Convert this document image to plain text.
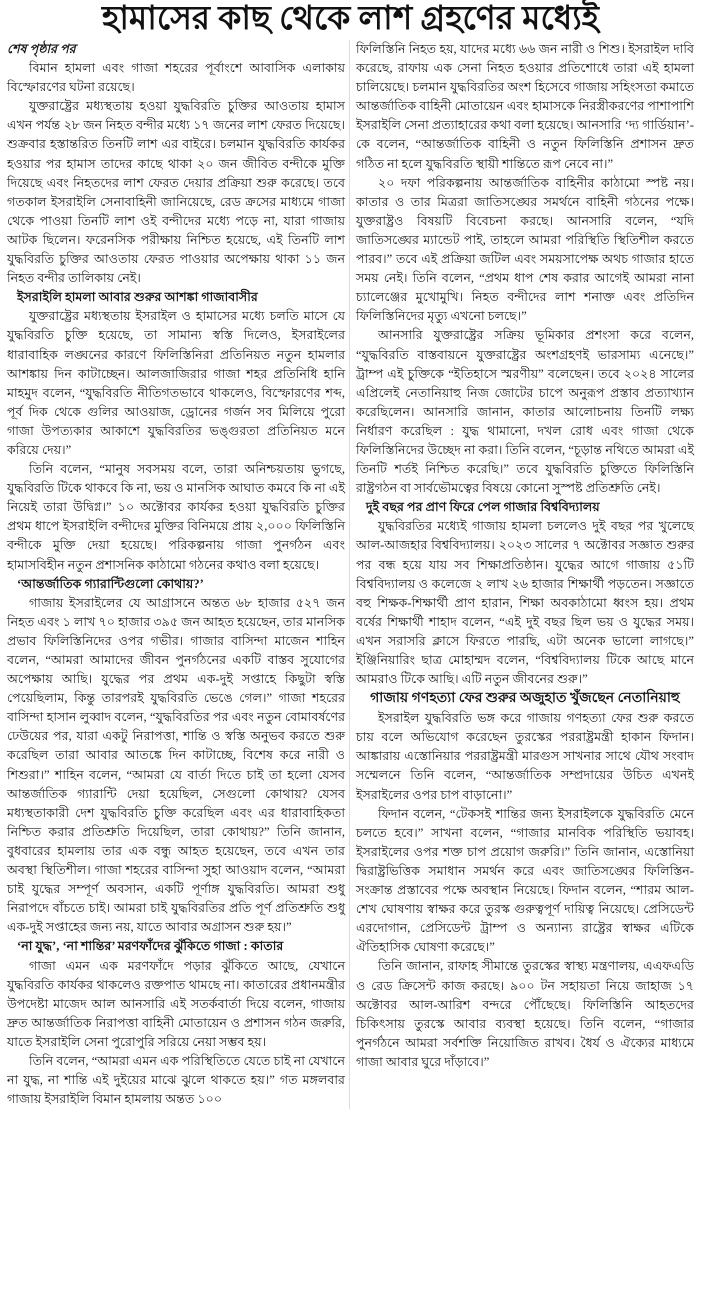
হামাসের কাছ থেকে লাশ গ্রহণের মধ্যেই

শেষ পৃষ্ঠার পর

বিমান হামলা এবং গাজা শহরের পূর্বাংশে আবাসিক এলাকায় বিস্ফোরণের ঘটনা রয়েছে।

যুক্তরাষ্ট্রের মধ্যস্থতায় হওয়া যুদ্ধবিরতি চুক্তির আওতায় হামাস এখন পর্যন্ত ২৮ জন নিহত বন্দীর মধ্যে ১৭ জনের লাশ ফেরত দিয়েছে। শুক্রবার হস্তান্তরিত তিনটি লাশ এর বাইরে। চলমান যুদ্ধবিরতি কার্যকর হওয়ার পর হামাস তাদের কাছে থাকা ২০ জন জীবিত বন্দীকে মুক্তি দিয়েছে এবং নিহতদের লাশ ফেরত দেয়ার প্রক্রিয়া শুরু করেছে। তবে গতকাল ইসরাইলি সেনাবাহিনী জানিয়েছে, রেড ক্রসের মাধ্যমে গাজা থেকে পাওয়া তিনটি লাশ ওই বন্দীদের মধ্যে পড়ে না, যারা গাজায় আটক ছিলেন। ফরেনসিক পরীক্ষায় নিশ্চিত হয়েছে, এই তিনটি লাশ যুদ্ধবিরতি চুক্তির আওতায় ফেরত পাওয়ার অপেক্ষায় থাকা ১১ জন নিহত বন্দীর তালিকায় নেই।

ইসরাইলি হামলা আবার শুরুর আশঙ্কা গাজাবাসীর

যুক্তরাষ্ট্রের মধ্যস্থতায় ইসরাইল ও হামাসের মধ্যে চলতি মাসে যে যুদ্ধবিরতি চুক্তি হয়েছে, তা সামান্য স্বস্তি দিলেও, ইসরাইলের ধারাবাহিক লঙ্ঘনের কারণে ফিলিস্তিনিরা প্রতিনিয়ত নতুন হামলার আশঙ্কায় দিন কাটাচ্ছেন। আলজাজিরার গাজা শহর প্রতিনিধি হানি মাহমুদ বলেন, “যুদ্ধবিরতি নীতিগতভাবে থাকলেও, বিস্ফোরণের শব্দ, পূর্ব দিক থেকে গুলির আওয়াজ, ড্রোনের গর্জন সব মিলিয়ে পুরো গাজা উপত্যকার আকাশে যুদ্ধবিরতির ভঙ্গুরতা প্রতিনিয়ত মনে করিয়ে দেয়।”

তিনি বলেন, “মানুষ সবসময় বলে, তারা অনিশ্চয়তায় ভুগছে, যুদ্ধবিরতি টিকে থাকবে কি না, ভয় ও মানসিক আঘাত কমবে কি না এই নিয়েই তারা উদ্বিগ্ন।” ১০ অক্টোবর কার্যকর হওয়া যুদ্ধবিরতি চুক্তির প্রথম ধাপে ইসরাইলি বন্দীদের মুক্তির বিনিময়ে প্রায় ২,০০০ ফিলিস্তিনি বন্দীকে মুক্তি দেয়া হয়েছে। পরিকল্পনায় গাজা পুনর্গঠন এবং হামাসবিহীন নতুন প্রশাসনিক কাঠামো গঠনের কথাও বলা হয়েছে।

‘আন্তর্জাতিক গ্যারান্টিগুলো কোথায়?’

গাজায় ইসরাইলের যে আগ্রাসনে অন্তত ৬৮ হাজার ৫২৭ জন নিহত এবং ১ লাখ ৭০ হাজার ৩৯৫ জন আহত হয়েছেন, তার মানসিক প্রভাব ফিলিস্তিনিদের ওপর গভীর। গাজার বাসিন্দা মাজেন শাহিন বলেন, “আমরা আমাদের জীবন পুনর্গঠনের একটি বাস্তব সুযোগের অপেক্ষায় আছি। যুদ্ধের পর প্রথম এক-দুই সপ্তাহে কিছুটা স্বস্তি পেয়েছিলাম, কিন্তু তারপরই যুদ্ধবিরতি ভেঙে গেল।” গাজা শহরের বাসিন্দা হাসান লুব্বাদ বলেন, “যুদ্ধবিরতির পর এবং নতুন বোমাবর্ষণের ঢেউয়ের পর, যারা একটু নিরাপত্তা, শান্তি ও স্বস্তি অনুভব করতে শুরু করেছিল তারা আবার আতঙ্কে দিন কাটাচ্ছে, বিশেষ করে নারী ও শিশুরা।” শাহিন বলেন, “আমরা যে বার্তা দিতে চাই তা হলো যেসব আন্তর্জাতিক গ্যারান্টি দেয়া হয়েছিল, সেগুলো কোথায়? যেসব মধ্যস্থতাকারী দেশ যুদ্ধবিরতি চুক্তি করেছিল এবং এর ধারাবাহিকতা নিশ্চিত করার প্রতিশ্রুতি দিয়েছিল, তারা কোথায়?” তিনি জানান, বুধবারের হামলায় তার এক বন্ধু আহত হয়েছেন, তবে এখন তার অবস্থা স্থিতিশীল। গাজা শহরের বাসিন্দা সুহা আওয়াদ বলেন, “আমরা চাই যুদ্ধের সম্পূর্ণ অবসান, একটি পূর্ণাঙ্গ যুদ্ধবিরতি। আমরা শুধু নিরাপদে বাঁচতে চাই। আমরা চাই যুদ্ধবিরতির প্রতি পূর্ণ প্রতিশ্রুতি শুধু এক-দুই সপ্তাহের জন্য নয়, যাতে আবার অগ্রাসন শুরু হয়।”

‘না যুদ্ধ’, ‘না শান্তির’ মরণফাঁদের ঝুঁকিতে গাজা : কাতার

গাজা এমন এক মরণফাঁদে পড়ার ঝুঁকিতে আছে, যেখানে যুদ্ধবিরতি কার্যকর থাকলেও রক্তপাত থামছে না। কাতারের প্রধানমন্ত্রীর উপদেষ্টা মাজেদ আল আনসারি এই সতর্কবার্তা দিয়ে বলেন, গাজায় দ্রুত আন্তর্জাতিক নিরাপত্তা বাহিনী মোতায়েন ও প্রশাসন গঠন জরুরি, যাতে ইসরাইলি সেনা পুরোপুরি সরিয়ে নেয়া সম্ভব হয়।

তিনি বলেন, “আমরা এমন এক পরিস্থিতিতে যেতে চাই না যেখানে না যুদ্ধ, না শান্তি এই দুইয়ের মাঝে ঝুলে থাকতে হয়।” গত মঙ্গলবার গাজায় ইসরাইলি বিমান হামলায় অন্তত ১০০

ফিলিস্তিনি নিহত হয়, যাদের মধ্যে ৬৬ জন নারী ও শিশু। ইসরাইল দাবি করেছে, রাফায় এক সেনা নিহত হওয়ার প্রতিশোধে তারা এই হামলা চালিয়েছে। চলমান যুদ্ধবিরতির অংশ হিসেবে গাজায় সহিংসতা কমাতে আন্তর্জাতিক বাহিনী মোতায়েন এবং হামাসকে নিরস্ত্রীকরণের পাশাপাশি ইসরাইলি সেনা প্রত্যাহারের কথা বলা হয়েছে। আনসারি ‘দ্য গার্ডিয়ান’-কে বলেন, “আন্তর্জাতিক বাহিনী ও নতুন ফিলিস্তিনি প্রশাসন দ্রুত গঠিত না হলে যুদ্ধবিরতি স্থায়ী শান্তিতে রূপ নেবে না।”

২০ দফা পরিকল্পনায় আন্তর্জাতিক বাহিনীর কাঠামো স্পষ্ট নয়। কাতার ও তার মিত্ররা জাতিসঙ্ঘের সমর্থনে বাহিনী গঠনের পক্ষে। যুক্তরাষ্ট্রও বিষয়টি বিবেচনা করছে। আনসারি বলেন, “যদি জাতিসঙ্ঘের ম্যান্ডেট পাই, তাহলে আমরা পরিস্থিতি স্থিতিশীল করতে পারব।” তবে এই প্রক্রিয়া জটিল এবং সময়সাপেক্ষ অথচ গাজার হাতে সময় নেই। তিনি বলেন, “প্রথম ধাপ শেষ করার আগেই আমরা নানা চ্যালেঞ্জের মুখোমুখি। নিহত বন্দীদের লাশ শনাক্ত এবং প্রতিদিন ফিলিস্তিনিদের মৃত্যু এখনো চলছে।”

আনসারি যুক্তরাষ্ট্রের সক্রিয় ভূমিকার প্রশংসা করে বলেন, “যুদ্ধবিরতি বাস্তবায়নে যুক্তরাষ্ট্রের অংশগ্রহণই ভারসাম্য এনেছে।” ট্রাম্প এই চুক্তিকে “ইতিহাসে স্মরণীয়” বলেছেন। তবে ২০২৪ সালের এপ্রিলেই নেতানিয়াহু নিজ জোটের চাপে অনুরূপ প্রস্তাব প্রত্যাখ্যান করেছিলেন। আনসারি জানান, কাতার আলোচনায় তিনটি লক্ষ্য নির্ধারণ করেছিল : যুদ্ধ থামানো, দখল রোধ এবং গাজা থেকে ফিলিস্তিনিদের উচ্ছেদ না করা। তিনি বলেন, “চূড়ান্ত নথিতে আমরা এই তিনটি শর্তই নিশ্চিত করেছি।” তবে যুদ্ধবিরতি চুক্তিতে ফিলিস্তিনি রাষ্ট্রগঠন বা সার্বভৌমত্বের বিষয়ে কোনো সুস্পষ্ট প্রতিশ্রুতি নেই।

দুই বছর পর প্রাণ ফিরে পেল গাজার বিশ্ববিদ্যালয়

যুদ্ধবিরতির মধ্যেই গাজায় হামলা চললেও দুই বছর পর খুলেছে আল-আজহার বিশ্ববিদ্যালয়। ২০২৩ সালের ৭ অক্টোবর সজ্ঞাত শুরুর পর বন্ধ হয়ে যায় সব শিক্ষাপ্রতিষ্ঠান। যুদ্ধের আগে গাজায় ৫১টি বিশ্ববিদ্যালয় ও কলেজে ২ লাখ ২৬ হাজার শিক্ষার্থী পড়তেন। সজ্ঞাতে বহু শিক্ষক-শিক্ষার্থী প্রাণ হারান, শিক্ষা অবকাঠামো ধ্বংস হয়। প্রথম বর্ষের শিক্ষার্থী শাহাদ বলেন, “এই দুই বছর ছিল ভয় ও যুদ্ধের সময়। এখন সরাসরি ক্লাসে ফিরতে পারছি, এটা অনেক ভালো লাগছে।” ইঞ্জিনিয়ারিং ছাত্র মোহাম্মদ বলেন, “বিশ্ববিদ্যালয় টিকে আছে মানে আমরাও টিকে আছি। এটি নতুন জীবনের শুরু।”

গাজায় গণহত্যা ফের শুরুর অজুহাত খুঁজছেন নেতানিয়াহু

ইসরাইল যুদ্ধবিরতি ভঙ্গ করে গাজায় গণহত্যা ফের শুরু করতে চায় বলে অভিযোগ করেছেন তুরস্কের পররাষ্ট্রমন্ত্রী হাকান ফিদান। আঙ্কারায় এস্তোনিয়ার পররাষ্ট্রমন্ত্রী মারগুস সাখনার সাথে যৌথ সংবাদ সম্মেলনে তিনি বলেন, “আন্তর্জাতিক সম্প্রদায়ের উচিত এখনই ইসরাইলের ওপর চাপ বাড়ানো।”

ফিদান বলেন, “টেকসই শান্তির জন্য ইসরাইলকে যুদ্ধবিরতি মেনে চলতে হবে।” সাখনা বলেন, “গাজার মানবিক পরিস্থিতি ভয়াবহ। ইসরাইলের ওপর শক্ত চাপ প্রয়োগ জরুরি।” তিনি জানান, এস্তোনিয়া দ্বিরাষ্ট্রভিত্তিক সমাধান সমর্থন করে এবং জাতিসঙ্ঘের ফিলিস্তিন-সংক্রান্ত প্রস্তাবের পক্ষে অবস্থান নিয়েছে। ফিদান বলেন, “শারম আল-শেখ ঘোষণায় স্বাক্ষর করে তুরস্ক গুরুত্বপূর্ণ দায়িত্ব নিয়েছে। প্রেসিডেন্ট এরদোগান, প্রেসিডেন্ট ট্রাম্প ও অন্যান্য রাষ্ট্রের স্বাক্ষর এটিকে ঐতিহাসিক ঘোষণা করেছে।”

তিনি জানান, রাফাহ সীমান্তে তুরস্কের স্বাস্থ্য মন্ত্রণালয়, এএফএডি ও রেড ক্রিসেন্ট কাজ করছে। ৯০০ টন সহায়তা নিয়ে জাহাজ ১৭ অক্টোবর আল-আরিশ বন্দরে পৌঁছেছে। ফিলিস্তিনি আহতদের চিকিৎসায় তুরস্কে আবার ব্যবস্থা হয়েছে। তিনি বলেন, “গাজার পুনর্গঠনে আমরা সর্বশক্তি নিয়োজিত রাখব। ধৈর্য ও ঐক্যের মাধ্যমে গাজা আবার ঘুরে দাঁড়াবে।”
